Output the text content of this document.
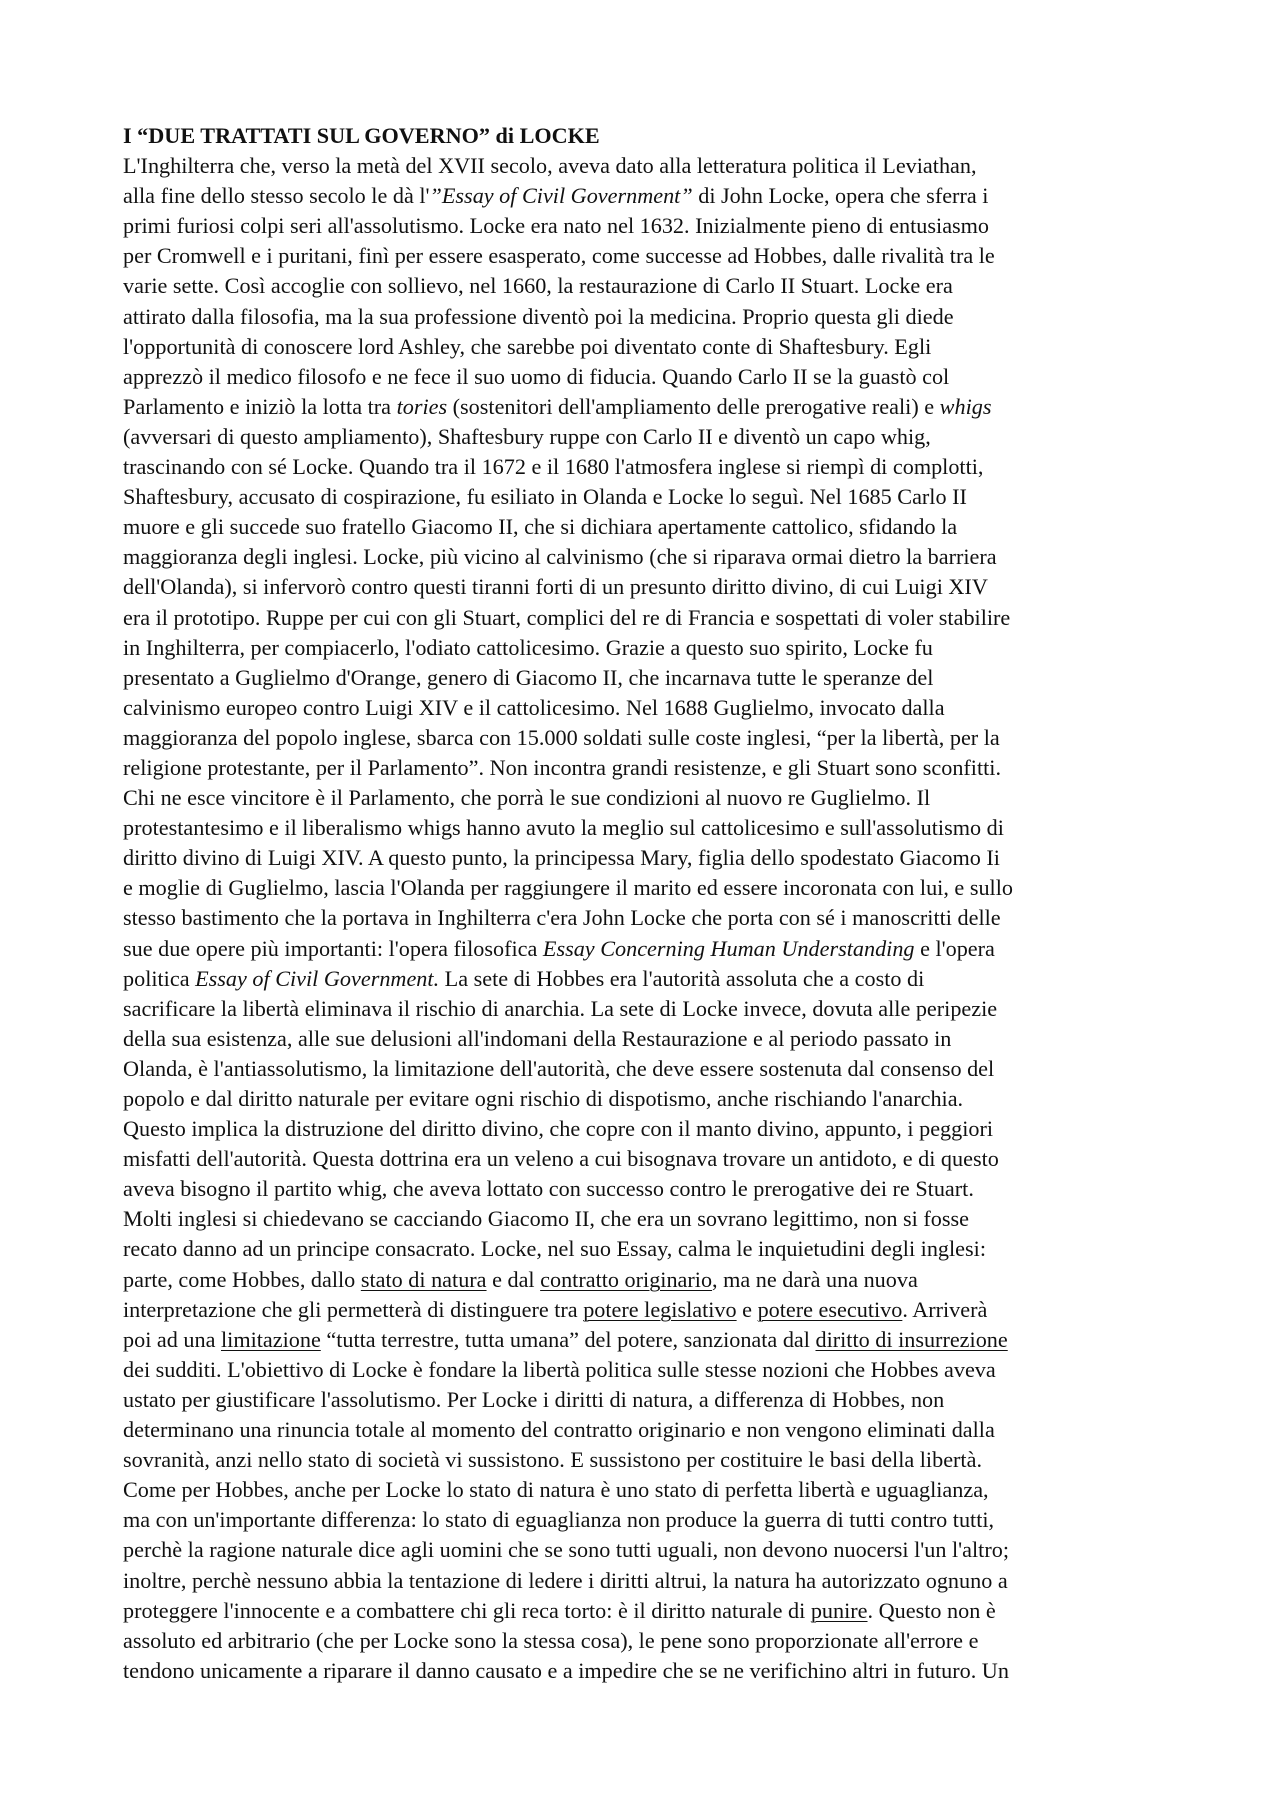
I “DUE TRATTATI SUL GOVERNO” di LOCKE
L'Inghilterra che, verso la metà del XVII secolo, aveva dato alla letteratura politica il Leviathan,
alla fine dello stesso secolo le dà l'”Essay of Civil Government” di John Locke, opera che sferra i
primi furiosi colpi seri all'assolutismo. Locke era nato nel 1632. Inizialmente pieno di entusiasmo
per Cromwell e i puritani, finì per essere esasperato, come successe ad Hobbes, dalle rivalità tra le
varie sette. Così accoglie con sollievo, nel 1660, la restaurazione di Carlo II Stuart. Locke era
attirato dalla filosofia, ma la sua professione diventò poi la medicina. Proprio questa gli diede
l'opportunità di conoscere lord Ashley, che sarebbe poi diventato conte di Shaftesbury. Egli
apprezzò il medico filosofo e ne fece il suo uomo di fiducia. Quando Carlo II se la guastò col
Parlamento e iniziò la lotta tra tories (sostenitori dell'ampliamento delle prerogative reali) e whigs
(avversari di questo ampliamento), Shaftesbury ruppe con Carlo II e diventò un capo whig,
trascinando con sé Locke. Quando tra il 1672 e il 1680 l'atmosfera inglese si riempì di complotti,
Shaftesbury, accusato di cospirazione, fu esiliato in Olanda e Locke lo seguì. Nel 1685 Carlo II
muore e gli succede suo fratello Giacomo II, che si dichiara apertamente cattolico, sfidando la
maggioranza degli inglesi. Locke, più vicino al calvinismo (che si riparava ormai dietro la barriera
dell'Olanda), si infervorò contro questi tiranni forti di un presunto diritto divino, di cui Luigi XIV
era il prototipo. Ruppe per cui con gli Stuart, complici del re di Francia e sospettati di voler stabilire
in Inghilterra, per compiacerlo, l'odiato cattolicesimo. Grazie a questo suo spirito, Locke fu
presentato a Guglielmo d'Orange, genero di Giacomo II, che incarnava tutte le speranze del
calvinismo europeo contro Luigi XIV e il cattolicesimo. Nel 1688 Guglielmo, invocato dalla
maggioranza del popolo inglese, sbarca con 15.000 soldati sulle coste inglesi, “per la libertà, per la
religione protestante, per il Parlamento”. Non incontra grandi resistenze, e gli Stuart sono sconfitti.
Chi ne esce vincitore è il Parlamento, che porrà le sue condizioni al nuovo re Guglielmo. Il
protestantesimo e il liberalismo whigs hanno avuto la meglio sul cattolicesimo e sull'assolutismo di
diritto divino di Luigi XIV. A questo punto, la principessa Mary, figlia dello spodestato Giacomo Ii
e moglie di Guglielmo, lascia l'Olanda per raggiungere il marito ed essere incoronata con lui, e sullo
stesso bastimento che la portava in Inghilterra c'era John Locke che porta con sé i manoscritti delle
sue due opere più importanti: l'opera filosofica Essay Concerning Human Understanding e l'opera
politica Essay of Civil Government. La sete di Hobbes era l'autorità assoluta che a costo di
sacrificare la libertà eliminava il rischio di anarchia. La sete di Locke invece, dovuta alle peripezie
della sua esistenza, alle sue delusioni all'indomani della Restaurazione e al periodo passato in
Olanda, è l'antiassolutismo, la limitazione dell'autorità, che deve essere sostenuta dal consenso del
popolo e dal diritto naturale per evitare ogni rischio di dispotismo, anche rischiando l'anarchia.
Questo implica la distruzione del diritto divino, che copre con il manto divino, appunto, i peggiori
misfatti dell'autorità. Questa dottrina era un veleno a cui bisognava trovare un antidoto, e di questo
aveva bisogno il partito whig, che aveva lottato con successo contro le prerogative dei re Stuart.
Molti inglesi si chiedevano se cacciando Giacomo II, che era un sovrano legittimo, non si fosse
recato danno ad un principe consacrato. Locke, nel suo Essay, calma le inquietudini degli inglesi:
parte, come Hobbes, dallo stato di natura e dal contratto originario, ma ne darà una nuova
interpretazione che gli permetterà di distinguere tra potere legislativo e potere esecutivo. Arriverà
poi ad una limitazione “tutta terrestre, tutta umana” del potere, sanzionata dal diritto di insurrezione
dei sudditi. L'obiettivo di Locke è fondare la libertà politica sulle stesse nozioni che Hobbes aveva
ustato per giustificare l'assolutismo. Per Locke i diritti di natura, a differenza di Hobbes, non
determinano una rinuncia totale al momento del contratto originario e non vengono eliminati dalla
sovranità, anzi nello stato di società vi sussistono. E sussistono per costituire le basi della libertà.
Come per Hobbes, anche per Locke lo stato di natura è uno stato di perfetta libertà e uguaglianza,
ma con un'importante differenza: lo stato di eguaglianza non produce la guerra di tutti contro tutti,
perchè la ragione naturale dice agli uomini che se sono tutti uguali, non devono nuocersi l'un l'altro;
inoltre, perchè nessuno abbia la tentazione di ledere i diritti altrui, la natura ha autorizzato ognuno a
proteggere l'innocente e a combattere chi gli reca torto: è il diritto naturale di punire. Questo non è
assoluto ed arbitrario (che per Locke sono la stessa cosa), le pene sono proporzionate all'errore e
tendono unicamente a riparare il danno causato e a impedire che se ne verifichino altri in futuro. Un
